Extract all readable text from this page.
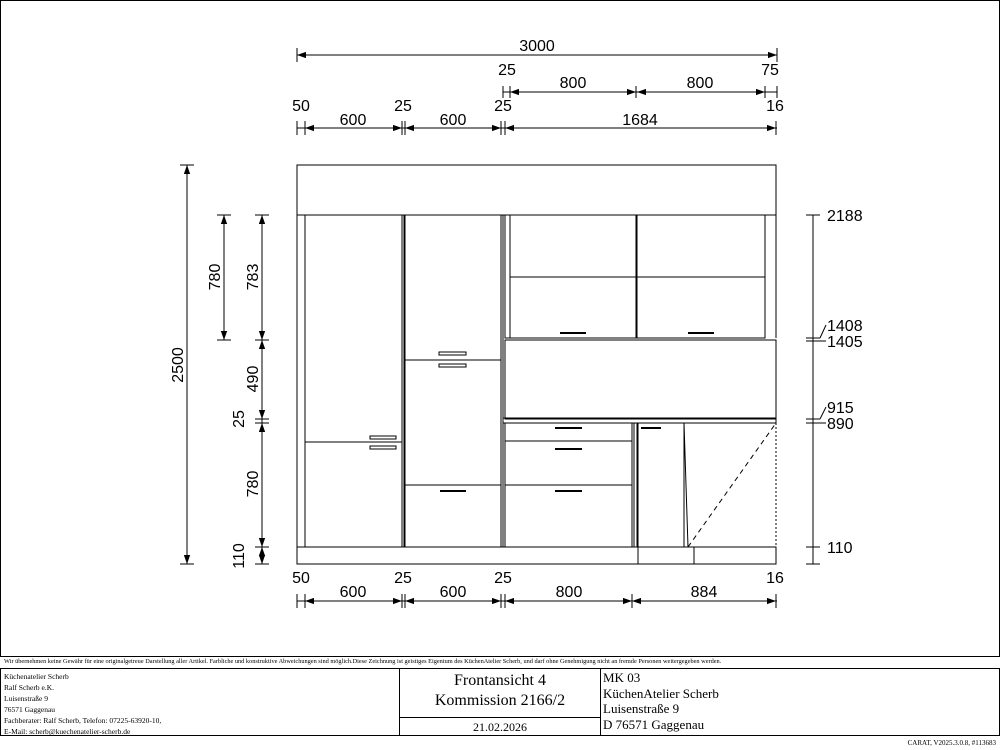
3000
25
800	800
75
50
600
25
600
25
1684
16
50
600
25
600
25
800	884
16
2500
780 783
490
25
780
110
2188
1408
1405
915
890
110
Wir übernehmen keine Gewähr für eine originalgetreue Darstellung aller Artikel. Farbliche und konstruktive Abweichungen sind möglich.Diese Zeichnung ist geistiges Eigentum des KüchenAtelier Scherb, und darf ohne Genehmigung nicht an fremde Personen weitergegeben werden.
Küchenatelier Scherb
Ralf Scherb e.K.
Luisenstraße 9
76571 Gaggenau
Fachberater: Ralf Scherb, Telefon: 07225-63920-10,
E-Mail: scherb@kuechenatelier-scherb.de
Frontansicht 4
Kommission 2166/2
21.02.2026
MK 03
KüchenAtelier Scherb
Luisenstraße 9
D 76571 Gaggenau
CARAT, V2025.3.0.8, #113683
